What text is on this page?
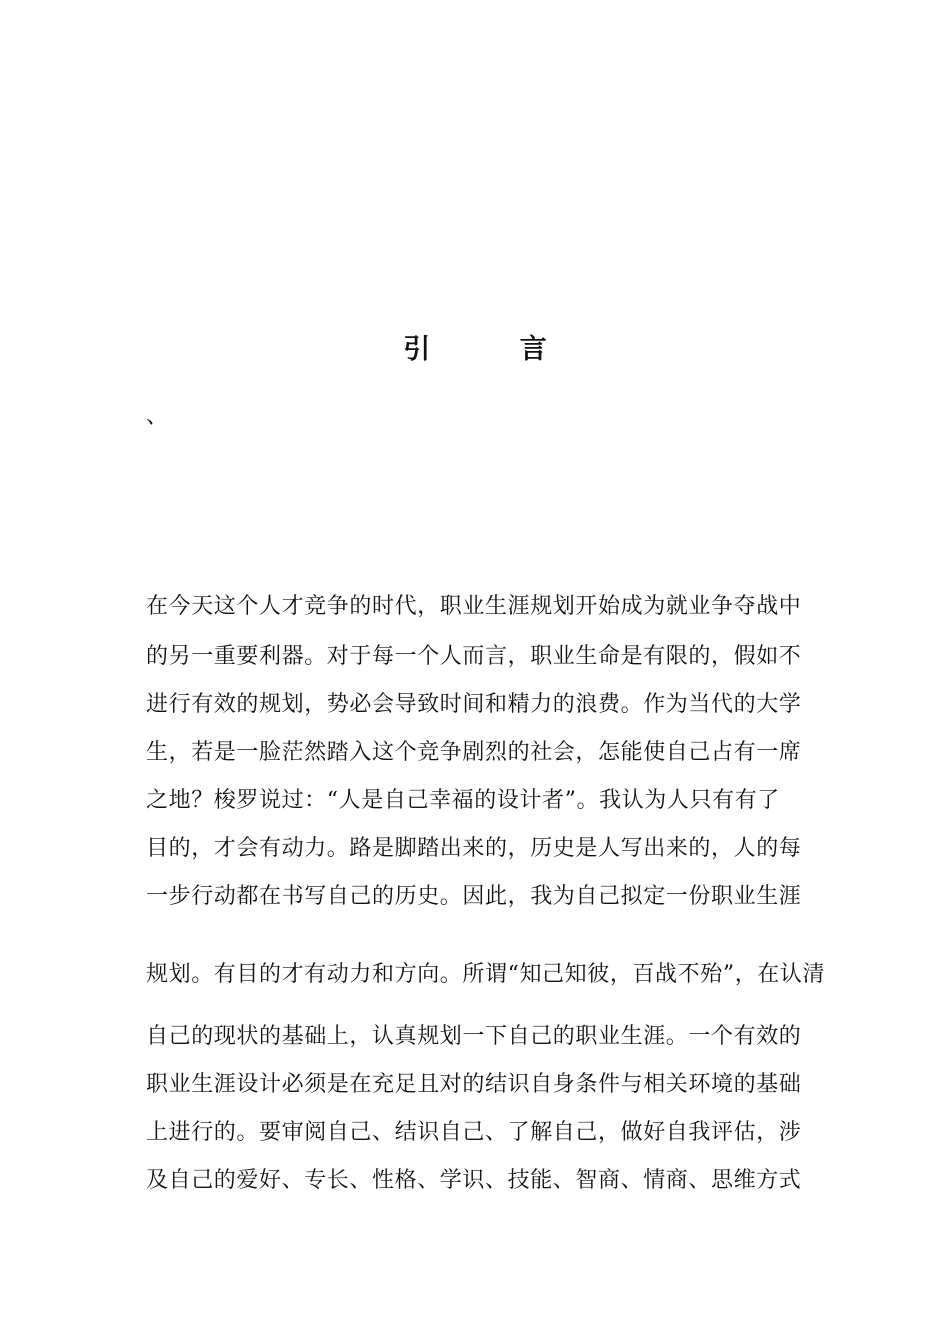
引 言
、
在今天这个人才竞争的时代，职业生涯规划开始成为就业争夺战中
的另一重要利器。对于每一个人而言，职业生命是有限的，假如不
进行有效的规划，势必会导致时间和精力的浪费。作为当代的大学
生，若是一脸茫然踏入这个竞争剧烈的社会，怎能使自己占有一席
之地？梭罗说过：“人是自己幸福的设计者”。我认为人只有有了
目的，才会有动力。路是脚踏出来的，历史是人写出来的，人的每
一步行动都在书写自己的历史。因此，我为自己拟定一份职业生涯
规划。有目的才有动力和方向。所谓“知己知彼，百战不殆”，在认清
自己的现状的基础上，认真规划一下自己的职业生涯。一个有效的
职业生涯设计必须是在充足且对的结识自身条件与相关环境的基础
上进行的。要审阅自己、结识自己、了解自己，做好自我评估，涉
及自己的爱好、专长、性格、学识、技能、智商、情商、思维方式
